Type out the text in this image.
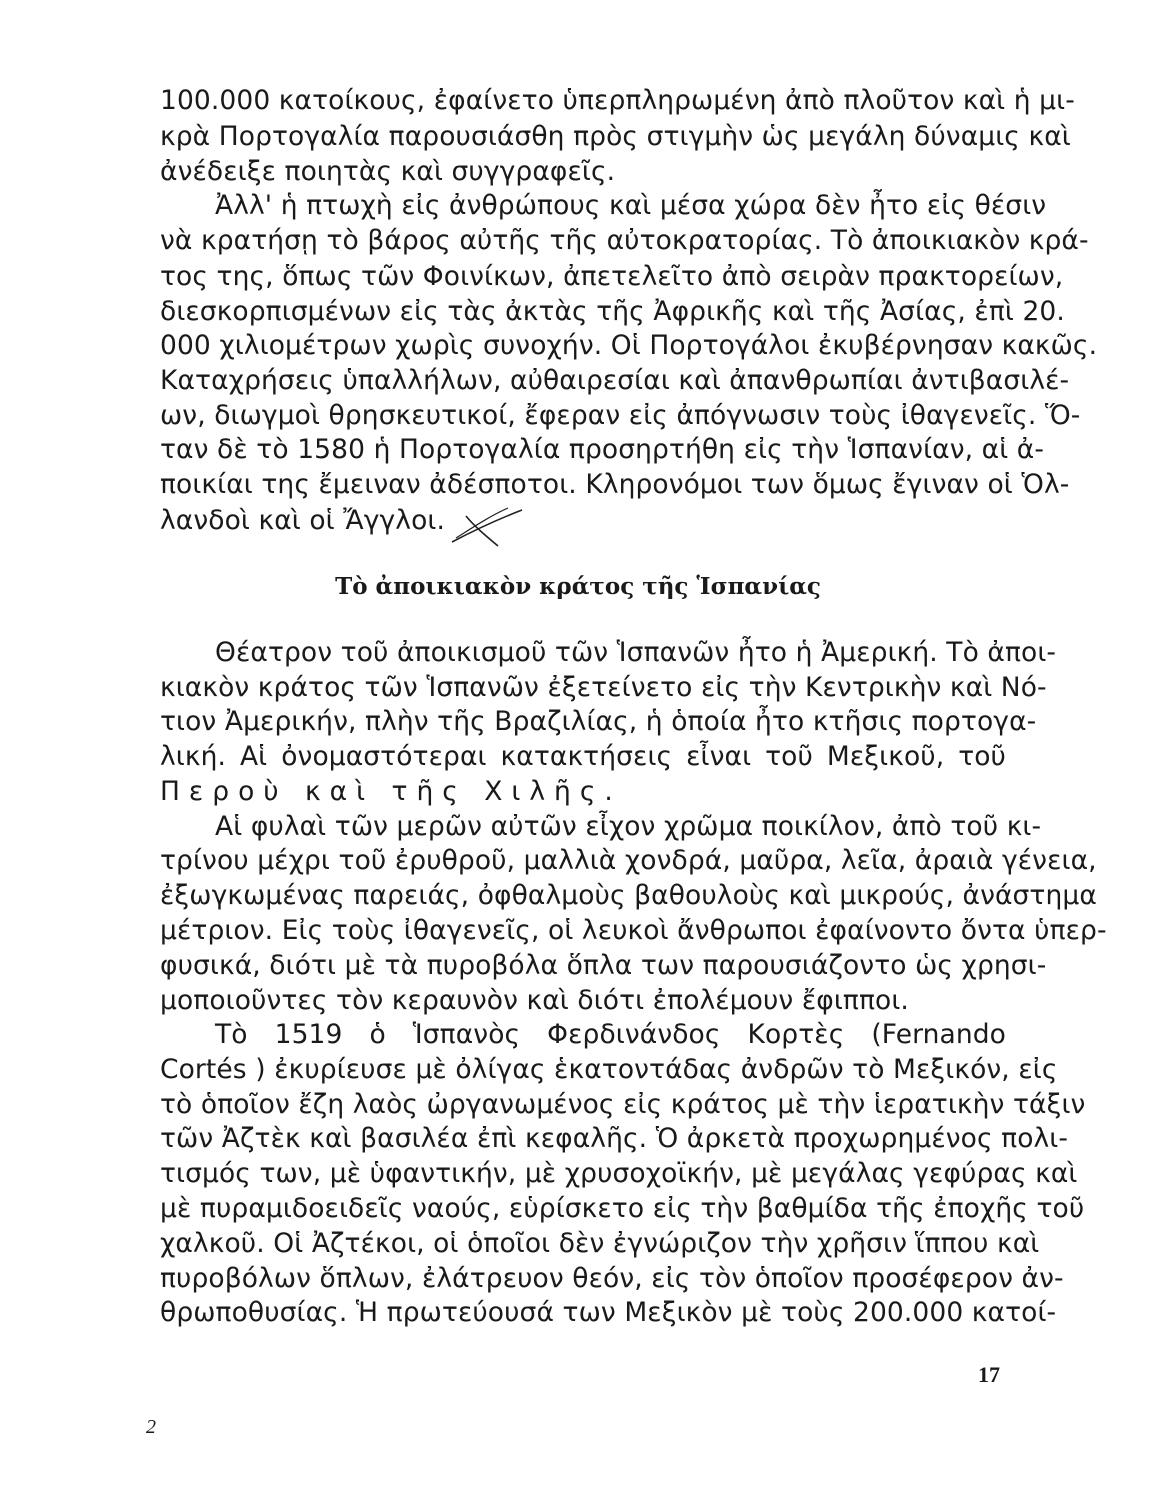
100.000 κατοίκους, ἐφαίνετο ὑπερπληρωμένη ἀπὸ πλοῦτον καὶ ἡ μι-
κρὰ Πορτογαλία παρουσιάσθη πρὸς στιγμὴν ὡς μεγάλη δύναμις καὶ
ἀνέδειξε ποιητὰς καὶ συγγραφεῖς.
Ἀλλ' ἡ πτωχὴ εἰς ἀνθρώπους καὶ μέσα χώρα δὲν ἦτο εἰς θέσιν
νὰ κρατήσῃ τὸ βάρος αὐτῆς τῆς αὐτοκρατορίας. Τὸ ἀποικιακὸν κρά-
τος της, ὅπως τῶν Φοινίκων, ἀπετελεῖτο ἀπὸ σειρὰν πρακτορείων,
διεσκορπισμένων εἰς τὰς ἀκτὰς τῆς Ἀφρικῆς καὶ τῆς Ἀσίας, ἐπὶ 20.
000 χιλιομέτρων χωρὶς συνοχήν. Οἱ Πορτογάλοι ἐκυβέρνησαν κακῶς.
Καταχρήσεις ὑπαλλήλων, αὐθαιρεσίαι καὶ ἀπανθρωπίαι ἀντιβασιλέ-
ων, διωγμοὶ θρησκευτικοί, ἔφεραν εἰς ἀπόγνωσιν τοὺς ἰθαγενεῖς. Ὅ-
ταν δὲ τὸ 1580 ἡ Πορτογαλία προσηρτήθη εἰς τὴν Ἱσπανίαν, αἱ ἀ-
ποικίαι της ἔμειναν ἀδέσποτοι. Κληρονόμοι των ὅμως ἔγιναν οἱ Ὁλ-
λανδοὶ καὶ οἱ Ἄγγλοι.
Τὸ ἀποικιακὸν κράτος τῆς Ἱσπανίας
Θέατρον τοῦ ἀποικισμοῦ τῶν Ἱσπανῶν ἦτο ἡ Ἀμερική. Τὸ ἀποι-
κιακὸν κράτος τῶν Ἱσπανῶν ἐξετείνετο εἰς τὴν Κεντρικὴν καὶ Νό-
τιον Ἀμερικήν, πλὴν τῆς Βραζιλίας, ἡ ὁποία ἦτο κτῆσις πορτογα-
λική. Αἱ ὀνομαστότεραι κατακτήσεις εἶναι τοῦ Μεξικοῦ, τοῦ
Περοὺ καὶ τῆς Χιλῆς.
Αἱ φυλαὶ τῶν μερῶν αὐτῶν εἶχον χρῶμα ποικίλον, ἀπὸ τοῦ κι-
τρίνου μέχρι τοῦ ἐρυθροῦ, μαλλιὰ χονδρά, μαῦρα, λεῖα, ἀραιὰ γένεια,
ἐξωγκωμένας παρειάς, ὀφθαλμοὺς βαθουλοὺς καὶ μικρούς, ἀνάστημα
μέτριον. Εἰς τοὺς ἰθαγενεῖς, οἱ λευκοὶ ἄνθρωποι ἐφαίνοντο ὄντα ὑπερ-
φυσικά, διότι μὲ τὰ πυροβόλα ὅπλα των παρουσιάζοντο ὡς χρησι-
μοποιοῦντες τὸν κεραυνὸν καὶ διότι ἐπολέμουν ἔφιπποι.
Τὸ 1519 ὁ Ἱσπανὸς Φερδινάνδος Κορτὲς (Fernando
Cortés ) ἐκυρίευσε μὲ ὀλίγας ἑκατοντάδας ἀνδρῶν τὸ Μεξικόν, εἰς
τὸ ὁποῖον ἔζη λαὸς ὠργανωμένος εἰς κράτος μὲ τὴν ἱερατικὴν τάξιν
τῶν Ἀζτὲκ καὶ βασιλέα ἐπὶ κεφαλῆς. Ὁ ἀρκετὰ προχωρημένος πολι-
τισμός των, μὲ ὑφαντικήν, μὲ χρυσοχοϊκήν, μὲ μεγάλας γεφύρας καὶ
μὲ πυραμιδοειδεῖς ναούς, εὑρίσκετο εἰς τὴν βαθμίδα τῆς ἐποχῆς τοῦ
χαλκοῦ. Οἱ Ἀζτέκοι, οἱ ὁποῖοι δὲν ἐγνώριζον τὴν χρῆσιν ἵππου καὶ
πυροβόλων ὅπλων, ἐλάτρευον θεόν, εἰς τὸν ὁποῖον προσέφερον ἀν-
θρωποθυσίας. Ἡ πρωτεύουσά των Μεξικὸν μὲ τοὺς 200.000 κατοί-
17
2
